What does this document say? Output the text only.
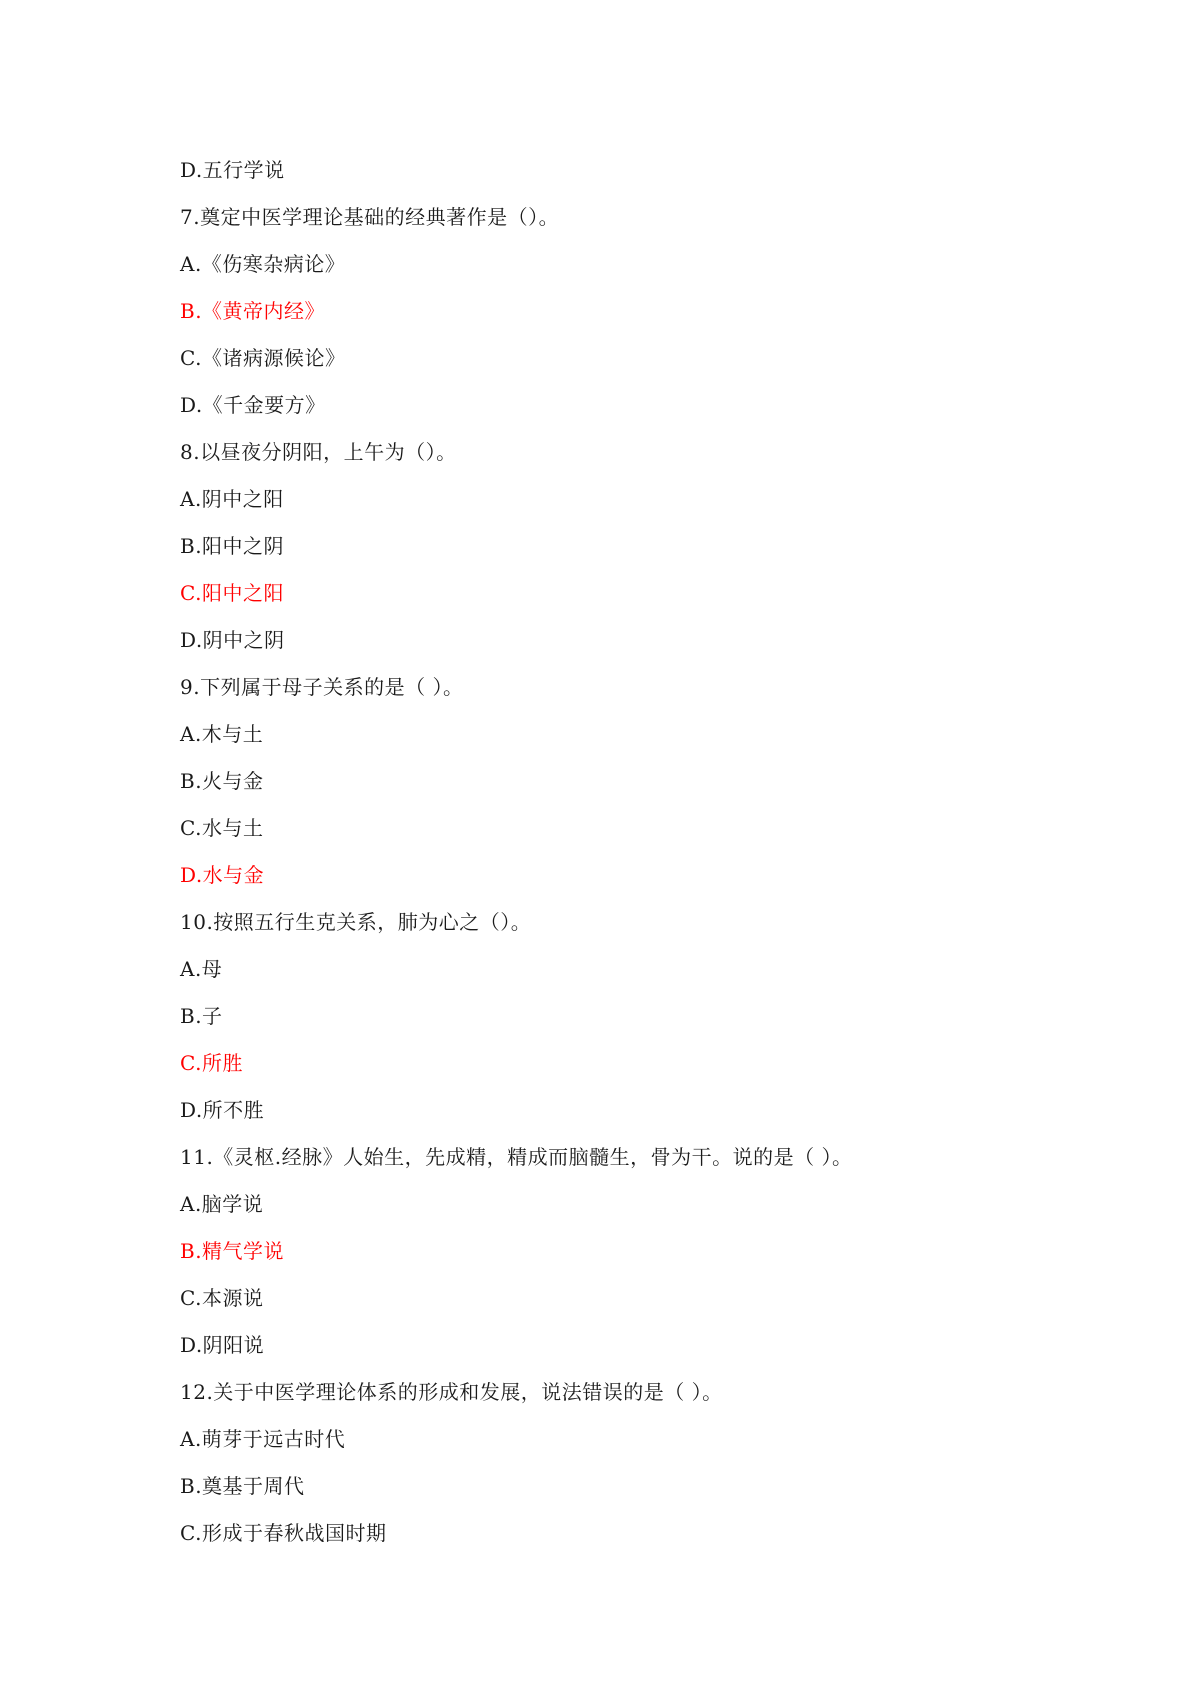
D.五行学说
7.奠定中医学理论基础的经典著作是（）。
A.《伤寒杂病论》
B.《黄帝内经》
C.《诸病源候论》
D.《千金要方》
8.以昼夜分阴阳，上午为（）。
A.阴中之阳
B.阳中之阴
C.阳中之阳
D.阴中之阴
9.下列属于母子关系的是（ ）。
A.木与土
B.火与金
C.水与土
D.水与金
10.按照五行生克关系，肺为心之（）。
A.母
B.子
C.所胜
D.所不胜
11.《灵枢.经脉》人始生，先成精，精成而脑髓生，骨为干。说的是（ ）。
A.脑学说
B.精气学说
C.本源说
D.阴阳说
12.关于中医学理论体系的形成和发展，说法错误的是（ ）。
A.萌芽于远古时代
B.奠基于周代
C.形成于春秋战国时期
